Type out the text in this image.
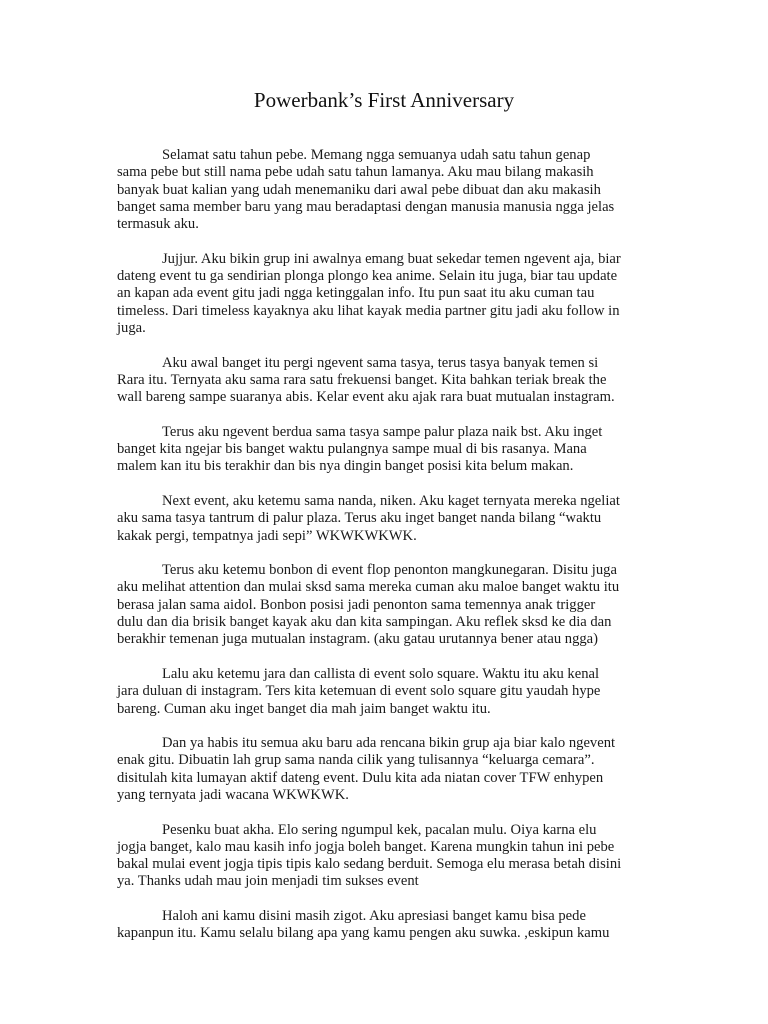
Powerbank’s First Anniversary

Selamat satu tahun pebe. Memang ngga semuanya udah satu tahun genap
sama pebe but still nama pebe udah satu tahun lamanya. Aku mau bilang makasih
banyak buat kalian yang udah menemaniku dari awal pebe dibuat dan aku makasih
banget sama member baru yang mau beradaptasi dengan manusia manusia ngga jelas
termasuk aku.

Jujjur. Aku bikin grup ini awalnya emang buat sekedar temen ngevent aja, biar
dateng event tu ga sendirian plonga plongo kea anime. Selain itu juga, biar tau update
an kapan ada event gitu jadi ngga ketinggalan info. Itu pun saat itu aku cuman tau
timeless. Dari timeless kayaknya aku lihat kayak media partner gitu jadi aku follow in
juga.

Aku awal banget itu pergi ngevent sama tasya, terus tasya banyak temen si
Rara itu. Ternyata aku sama rara satu frekuensi banget. Kita bahkan teriak break the
wall bareng sampe suaranya abis. Kelar event aku ajak rara buat mutualan instagram.

Terus aku ngevent berdua sama tasya sampe palur plaza naik bst. Aku inget
banget kita ngejar bis banget waktu pulangnya sampe mual di bis rasanya. Mana
malem kan itu bis terakhir dan bis nya dingin banget posisi kita belum makan.

Next event, aku ketemu sama nanda, niken. Aku kaget ternyata mereka ngeliat
aku sama tasya tantrum di palur plaza. Terus aku inget banget nanda bilang “waktu
kakak pergi, tempatnya jadi sepi” WKWKWKWK.

Terus aku ketemu bonbon di event flop penonton mangkunegaran. Disitu juga
aku melihat attention dan mulai sksd sama mereka cuman aku maloe banget waktu itu
berasa jalan sama aidol. Bonbon posisi jadi penonton sama temennya anak trigger
dulu dan dia brisik banget kayak aku dan kita sampingan. Aku reflek sksd ke dia dan
berakhir temenan juga mutualan instagram. (aku gatau urutannya bener atau ngga)

Lalu aku ketemu jara dan callista di event solo square. Waktu itu aku kenal
jara duluan di instagram. Ters kita ketemuan di event solo square gitu yaudah hype
bareng. Cuman aku inget banget dia mah jaim banget waktu itu.

Dan ya habis itu semua aku baru ada rencana bikin grup aja biar kalo ngevent
enak gitu. Dibuatin lah grup sama nanda cilik yang tulisannya “keluarga cemara”.
disitulah kita lumayan aktif dateng event. Dulu kita ada niatan cover TFW enhypen
yang ternyata jadi wacana WKWKWK.

Pesenku buat akha. Elo sering ngumpul kek, pacalan mulu. Oiya karna elu
jogja banget, kalo mau kasih info jogja boleh banget. Karena mungkin tahun ini pebe
bakal mulai event jogja tipis tipis kalo sedang berduit. Semoga elu merasa betah disini
ya. Thanks udah mau join menjadi tim sukses event

Haloh ani kamu disini masih zigot. Aku apresiasi banget kamu bisa pede
kapanpun itu. Kamu selalu bilang apa yang kamu pengen aku suwka. ,eskipun kamu
